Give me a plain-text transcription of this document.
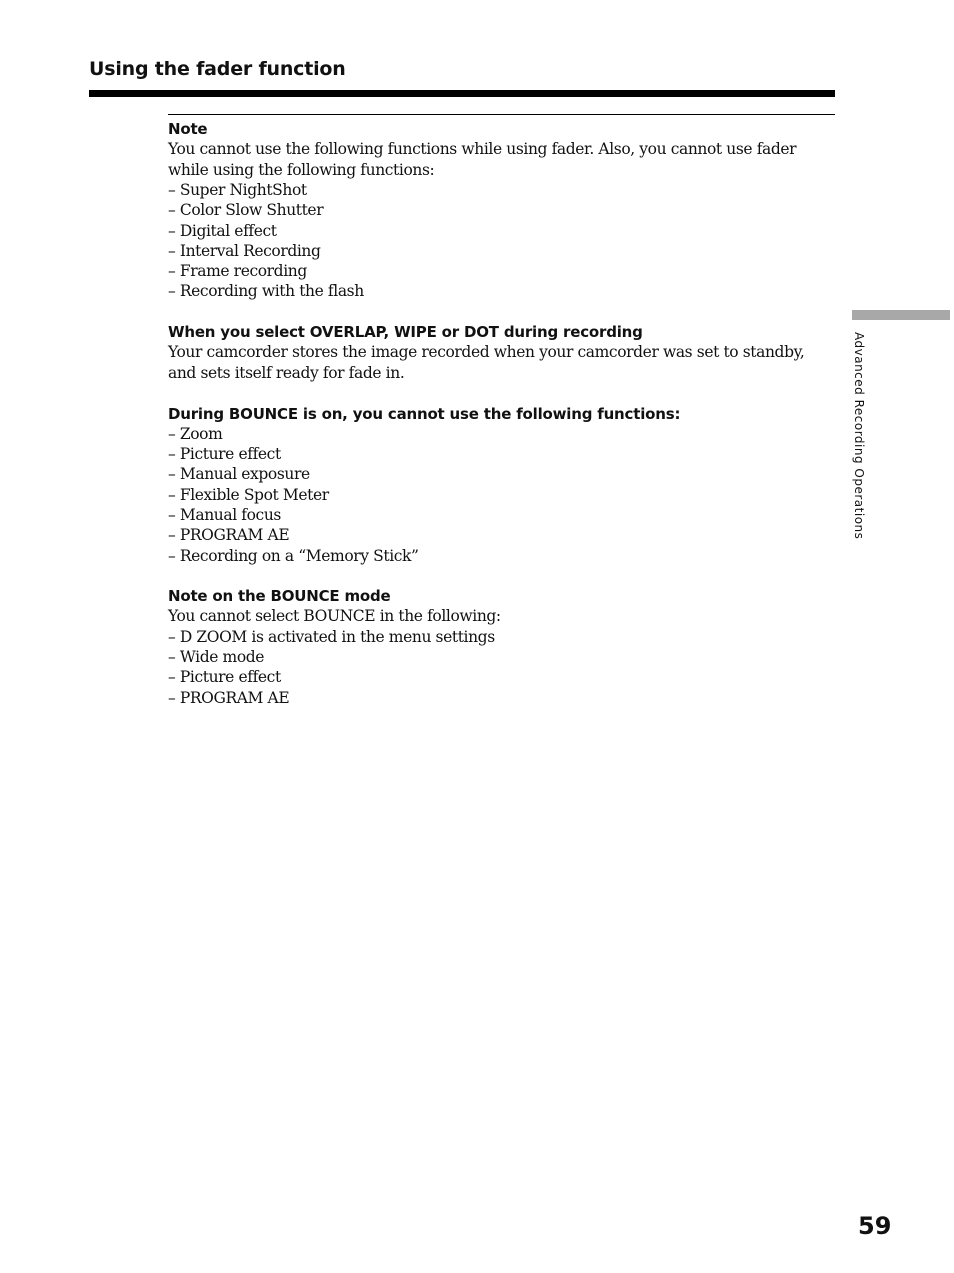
Using the fader function
Note
You cannot use the following functions while using fader. Also, you cannot use fader while using the following functions:
– Super NightShot
– Color Slow Shutter
– Digital effect
– Interval Recording
– Frame recording
– Recording with the flash
When you select OVERLAP, WIPE or DOT during recording
Your camcorder stores the image recorded when your camcorder was set to standby, and sets itself ready for fade in.
During BOUNCE is on, you cannot use the following functions:
– Zoom
– Picture effect
– Manual exposure
– Flexible Spot Meter
– Manual focus
– PROGRAM AE
– Recording on a “Memory Stick”
Note on the BOUNCE mode
You cannot select BOUNCE in the following:
– D ZOOM is activated in the menu settings
– Wide mode
– Picture effect
– PROGRAM AE
Advanced Recording Operations
59
